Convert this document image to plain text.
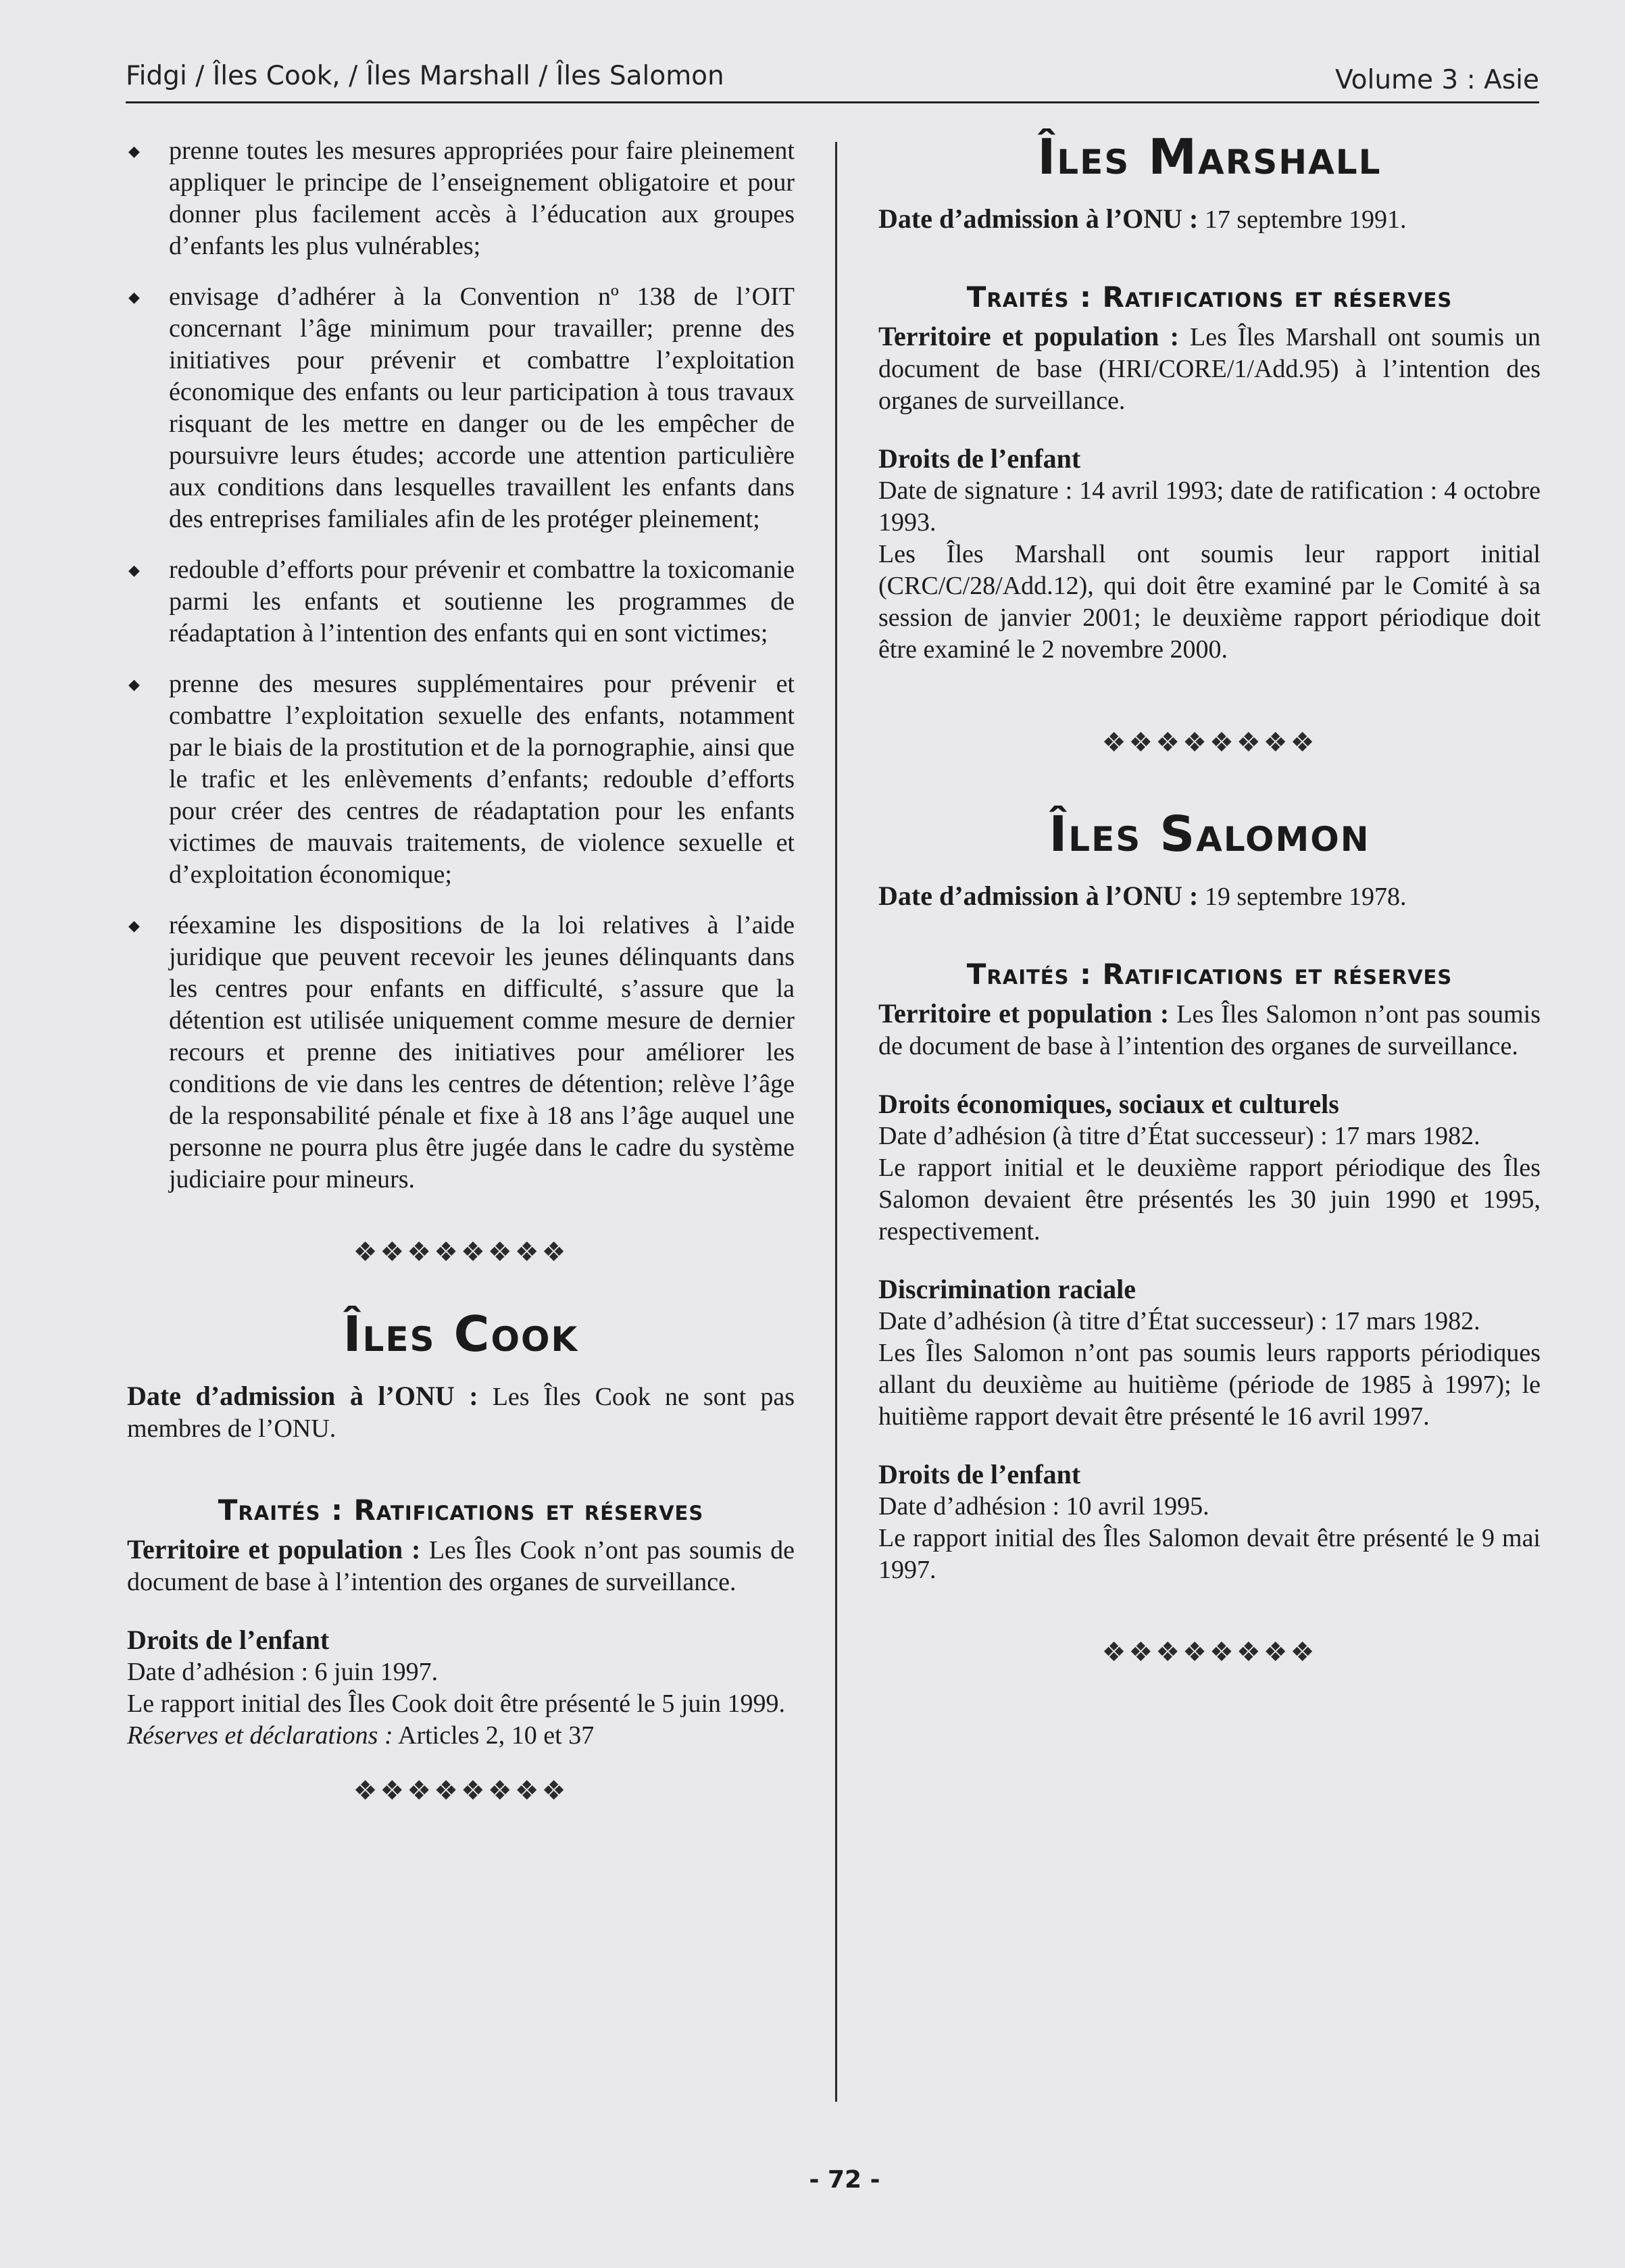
Fidgi / Îles Cook, / Îles Marshall / Îles Salomon	Volume 3 : Asie
◆ prenne toutes les mesures appropriées pour faire pleinement appliquer le principe de l’enseignement obligatoire et pour donner plus facilement accès à l’éducation aux groupes d’enfants les plus vulnérables;
◆ envisage d’adhérer à la Convention nº 138 de l’OIT concernant l’âge minimum pour travailler; prenne des initiatives pour prévenir et combattre l’exploitation économique des enfants ou leur participation à tous travaux risquant de les mettre en danger ou de les empêcher de poursuivre leurs études; accorde une attention particulière aux conditions dans lesquelles travaillent les enfants dans des entreprises familiales afin de les protéger pleinement;
◆ redouble d’efforts pour prévenir et combattre la toxicomanie parmi les enfants et soutienne les programmes de réadaptation à l’intention des enfants qui en sont victimes;
◆ prenne des mesures supplémentaires pour prévenir et combattre l’exploitation sexuelle des enfants, notamment par le biais de la prostitution et de la pornographie, ainsi que le trafic et les enlèvements d’enfants; redouble d’efforts pour créer des centres de réadaptation pour les enfants victimes de mauvais traitements, de violence sexuelle et d’exploitation économique;
◆ réexamine les dispositions de la loi relatives à l’aide juridique que peuvent recevoir les jeunes délinquants dans les centres pour enfants en difficulté, s’assure que la détention est utilisée uniquement comme mesure de dernier recours et prenne des initiatives pour améliorer les conditions de vie dans les centres de détention; relève l’âge de la responsabilité pénale et fixe à 18 ans l’âge auquel une personne ne pourra plus être jugée dans le cadre du système judiciaire pour mineurs.
❖❖❖❖❖❖❖❖
Îles Cook

Date d’admission à l’ONU : Les Îles Cook ne sont pas membres de l’ONU.

Traités : Ratifications et réserves

Territoire et population : Les Îles Cook n’ont pas soumis de document de base à l’intention des organes de surveillance.

Droits de l’enfant

Date d’adhésion : 6 juin 1997.

Le rapport initial des Îles Cook doit être présenté le 5 juin 1999.

Réserves et déclarations : Articles 2, 10 et 37

❖❖❖❖❖❖❖❖
Îles Marshall

Date d’admission à l’ONU : 17 septembre 1991.

Traités : Ratifications et réserves

Territoire et population : Les Îles Marshall ont soumis un document de base (HRI/CORE/1/Add.95) à l’intention des organes de surveillance.

Droits de l’enfant

Date de signature : 14 avril 1993; date de ratification : 4 octobre 1993.

Les Îles Marshall ont soumis leur rapport initial (CRC/C/28/Add.12), qui doit être examiné par le Comité à sa session de janvier 2001; le deuxième rapport périodique doit être examiné le 2 novembre 2000.

❖❖❖❖❖❖❖❖
Îles Salomon

Date d’admission à l’ONU : 19 septembre 1978.

Traités : Ratifications et réserves

Territoire et population : Les Îles Salomon n’ont pas soumis de document de base à l’intention des organes de surveillance.

Droits économiques, sociaux et culturels

Date d’adhésion (à titre d’État successeur) : 17 mars 1982.

Le rapport initial et le deuxième rapport périodique des Îles Salomon devaient être présentés les 30 juin 1990 et 1995, respectivement.

Discrimination raciale

Date d’adhésion (à titre d’État successeur) : 17 mars 1982.

Les Îles Salomon n’ont pas soumis leurs rapports périodiques allant du deuxième au huitième (période de 1985 à 1997); le huitième rapport devait être présenté le 16 avril 1997.

Droits de l’enfant

Date d’adhésion : 10 avril 1995.

Le rapport initial des Îles Salomon devait être présenté le 9 mai 1997.

❖❖❖❖❖❖❖❖
- 72 -
